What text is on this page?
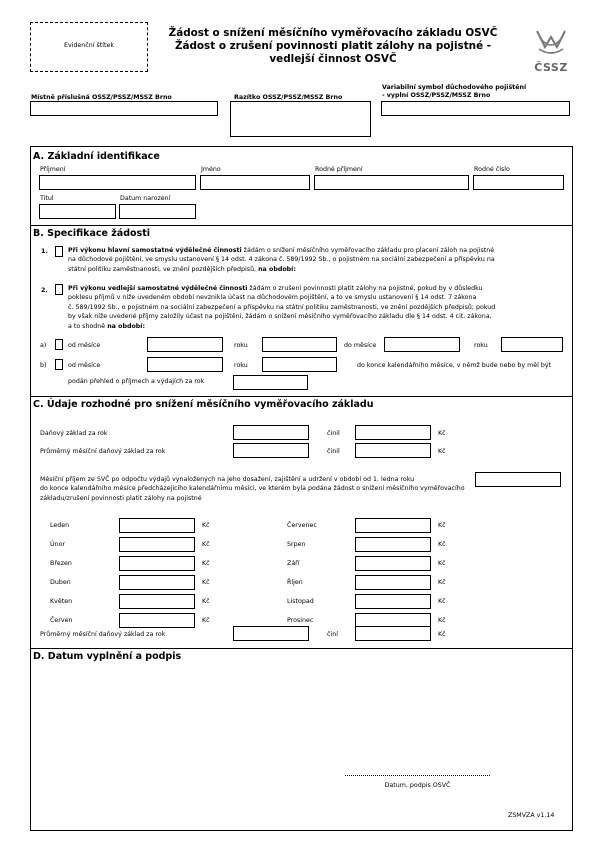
Evidenční štítek
Žádost o snížení měsíčního vyměřovacího základu OSVČ
Žádost o zrušení povinnosti platit zálohy na pojistné -
vedlejší činnost OSVČ
ČSSZ
Místně příslušná OSSZ/PSSZ/MSSZ Brno	Razítko OSSZ/PSSZ/MSSZ Brno
Variabilní symbol důchodového pojištění
- vyplní OSSZ/PSSZ/MSSZ Brno
A. Základní identifikace
Příjmení	Jméno	Rodné příjmení	Rodné číslo
Titul	Datum narození
B. Specifikace žádosti
1.	Při výkonu hlavní samostatné výdělečné činnosti žádám o snížení měsíčního vyměřovacího základu pro placení záloh na pojistné
na důchodové pojištění, ve smyslu ustanovení § 14 odst. 4 zákona č. 589/1992 Sb., o pojistném na sociální zabezpečení a příspěvku na
státní politiku zaměstnanosti, ve znění pozdějších předpisů, na období:
2.	Při výkonu vedlejší samostatné výdělečné činnosti žádám o zrušení povinnosti platit zálohy na pojistné, pokud by v důsledku
poklesu příjmů v níže uvedeném období nevznikla účast na důchodovém pojištění, a to ve smyslu ustanovení § 14 odst. 7 zákona
č. 589/1992 Sb., o pojistném na sociální zabezpečení a příspěvku na státní politiku zaměstnanosti, ve znění pozdějších předpisů; pokud
by však níže uvedené příjmy založily účast na pojištění, žádám o snížení měsíčního vyměřovacího základu dle § 14 odst. 4 cit. zákona,
a to shodně na období:
a)	od měsíce	roku	do měsíce	roku
b)	od měsíce	roku	do konce kalendářního měsíce, v němž bude nebo by měl být
podán přehled o příjmech a výdajích za rok
C. Údaje rozhodné pro snížení měsíčního vyměřovacího základu
Daňový základ za rok	činil	Kč
Průměrný měsíční daňový základ za rok	činil	Kč
Měsíční příjem ze SVČ po odpočtu výdajů vynaložených na jeho dosažení, zajištění a udržení v období od 1. ledna roku
do konce kalendářního měsíce předcházejícího kalendářnímu měsíci, ve kterém byla podána žádost o snížení měsíčního vyměřovacího
základu/zrušení povinnosti platit zálohy na pojistné
Leden	Kč
Únor	Kč
Březen	Kč
Duben	Kč
Květen	Kč
Červen	Kč
Červenec	Kč
Srpen	Kč
Září	Kč
Říjen	Kč
Listopad	Kč
Prosinec	Kč
Průměrný měsíční daňový základ za rok	činí	Kč
D. Datum vyplnění a podpis
Datum, podpis OSVČ
ZSMVZA v1.14
